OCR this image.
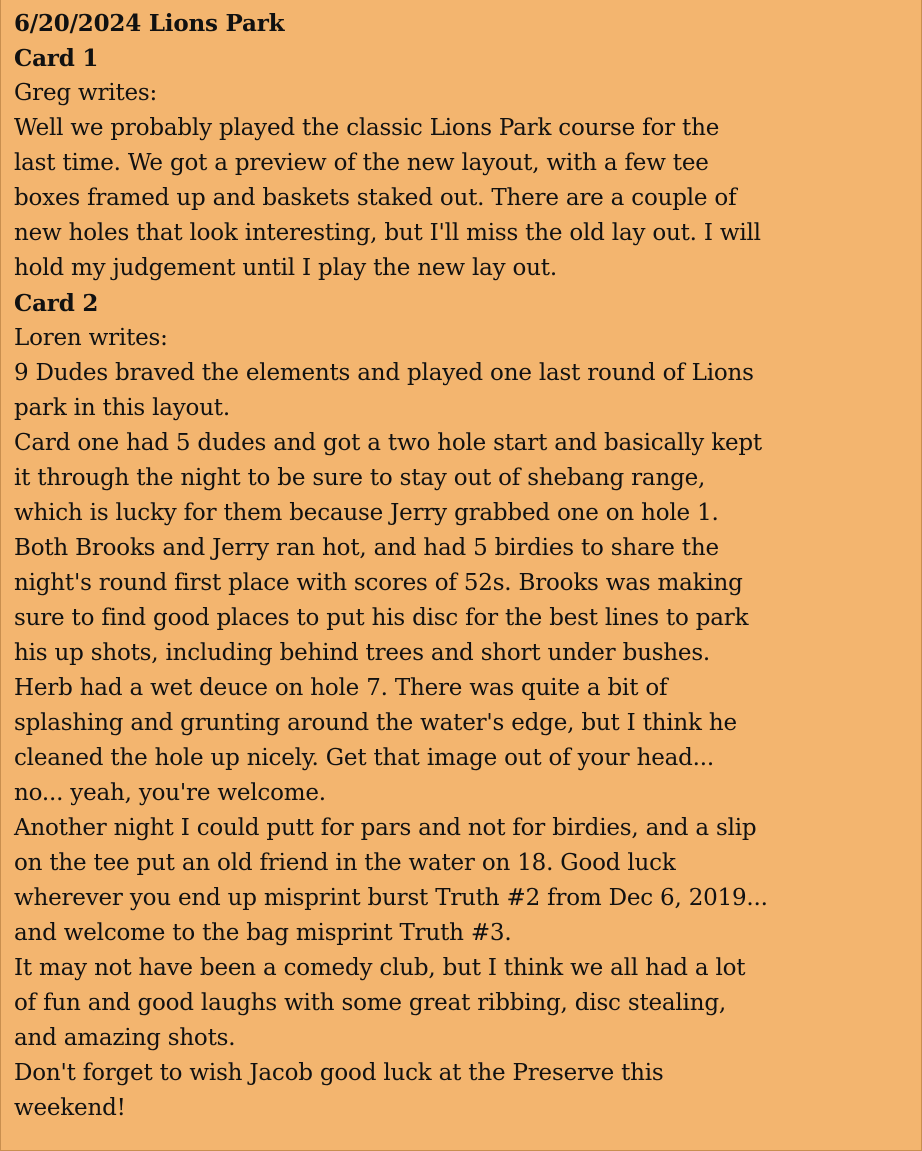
6/20/2024 Lions Park
Card 1
Greg writes:
Well we probably played the classic Lions Park course for the
last time. We got a preview of the new layout, with a few tee
boxes framed up and baskets staked out. There are a couple of
new holes that look interesting, but I'll miss the old lay out. I will
hold my judgement until I play the new lay out.
Card 2
Loren writes:
9 Dudes braved the elements and played one last round of Lions
park in this layout.
Card one had 5 dudes and got a two hole start and basically kept
it through the night to be sure to stay out of shebang range,
which is lucky for them because Jerry grabbed one on hole 1.
Both Brooks and Jerry ran hot, and had 5 birdies to share the
night's round first place with scores of 52s. Brooks was making
sure to find good places to put his disc for the best lines to park
his up shots, including behind trees and short under bushes.
Herb had a wet deuce on hole 7. There was quite a bit of
splashing and grunting around the water's edge, but I think he
cleaned the hole up nicely. Get that image out of your head...
no... yeah, you're welcome.
Another night I could putt for pars and not for birdies, and a slip
on the tee put an old friend in the water on 18. Good luck
wherever you end up misprint burst Truth #2 from Dec 6, 2019...
and welcome to the bag misprint Truth #3.
It may not have been a comedy club, but I think we all had a lot
of fun and good laughs with some great ribbing, disc stealing,
and amazing shots.
Don't forget to wish Jacob good luck at the Preserve this
weekend!
